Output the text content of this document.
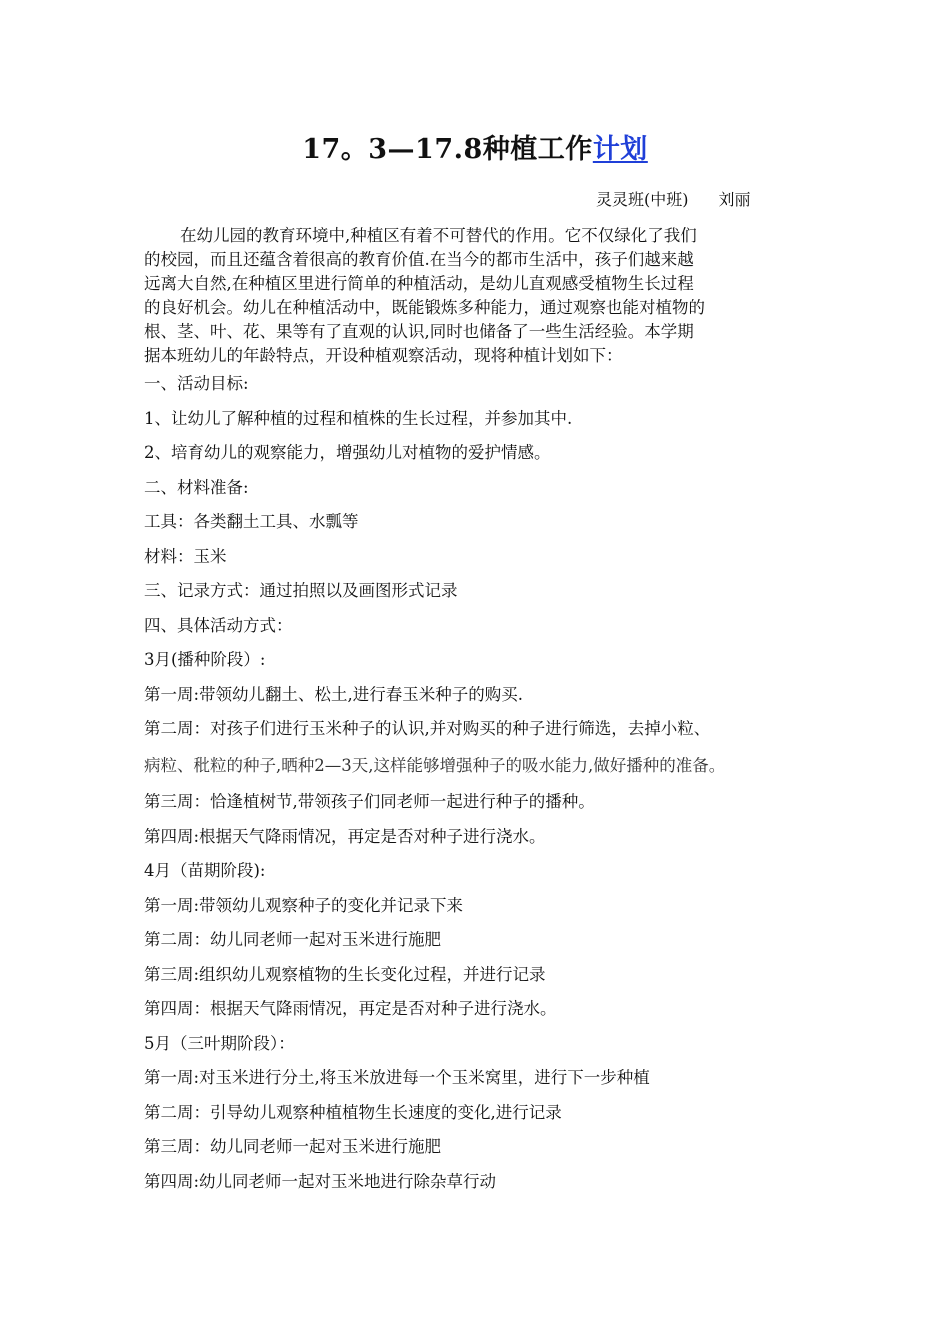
17。3—17.8种植工作计划
灵灵班(中班) 刘丽
在幼儿园的教育环境中,种植区有着不可替代的作用。它不仅绿化了我们
的校园，而且还蕴含着很高的教育价值.在当今的都市生活中，孩子们越来越
远离大自然,在种植区里进行简单的种植活动，是幼儿直观感受植物生长过程
的良好机会。幼儿在种植活动中，既能锻炼多种能力，通过观察也能对植物的
根、茎、叶、花、果等有了直观的认识,同时也储备了一些生活经验。本学期
据本班幼儿的年龄特点，开设种植观察活动，现将种植计划如下：
一、活动目标:
1、让幼儿了解种植的过程和植株的生长过程，并参加其中.
2、培育幼儿的观察能力，增强幼儿对植物的爱护情感。
二、材料准备:
工具：各类翻土工具、水瓢等
材料：玉米
三、记录方式：通过拍照以及画图形式记录
四、具体活动方式：
3月(播种阶段）:
第一周:带领幼儿翻土、松土,进行春玉米种子的购买.
第二周：对孩子们进行玉米种子的认识,并对购买的种子进行筛选，去掉小粒、
病粒、秕粒的种子,晒种2—3天,这样能够增强种子的吸水能力,做好播种的准备。
第三周：恰逢植树节,带领孩子们同老师一起进行种子的播种。
第四周:根据天气降雨情况，再定是否对种子进行浇水。
4月（苗期阶段):
第一周:带领幼儿观察种子的变化并记录下来
第二周：幼儿同老师一起对玉米进行施肥
第三周:组织幼儿观察植物的生长变化过程，并进行记录
第四周：根据天气降雨情况，再定是否对种子进行浇水。
5月（三叶期阶段）：
第一周:对玉米进行分土,将玉米放进每一个玉米窝里，进行下一步种植
第二周：引导幼儿观察种植植物生长速度的变化,进行记录
第三周：幼儿同老师一起对玉米进行施肥
第四周:幼儿同老师一起对玉米地进行除杂草行动
